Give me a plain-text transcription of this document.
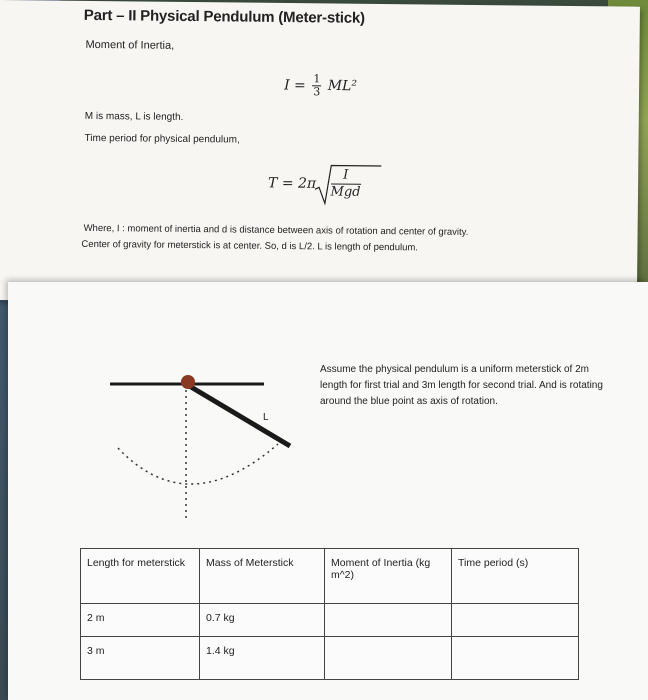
Part – II Physical Pendulum (Meter-stick)
Moment of Inertia,
$I = \frac{1}{3} ML^2$
M is mass, L is length.
Time period for physical pendulum,
$T = 2\pi \frac{I}{\text{Mgd}}$
Where, I : moment of inertia and d is distance between axis of rotation and center of gravity.
Center of gravity for meterstick is at center. So, d is L/2. L is length of pendulum.
L
Assume the physical pendulum is a uniform meterstick of 2m length for first trial and 3m length for second trial. And is rotating around the blue point as axis of rotation.
Length for meterstick	Mass of Meterstick	Moment of Inertia (kg m^2)	Time period (s)
2 m	0.7 kg		
3 m	1.4 kg		
